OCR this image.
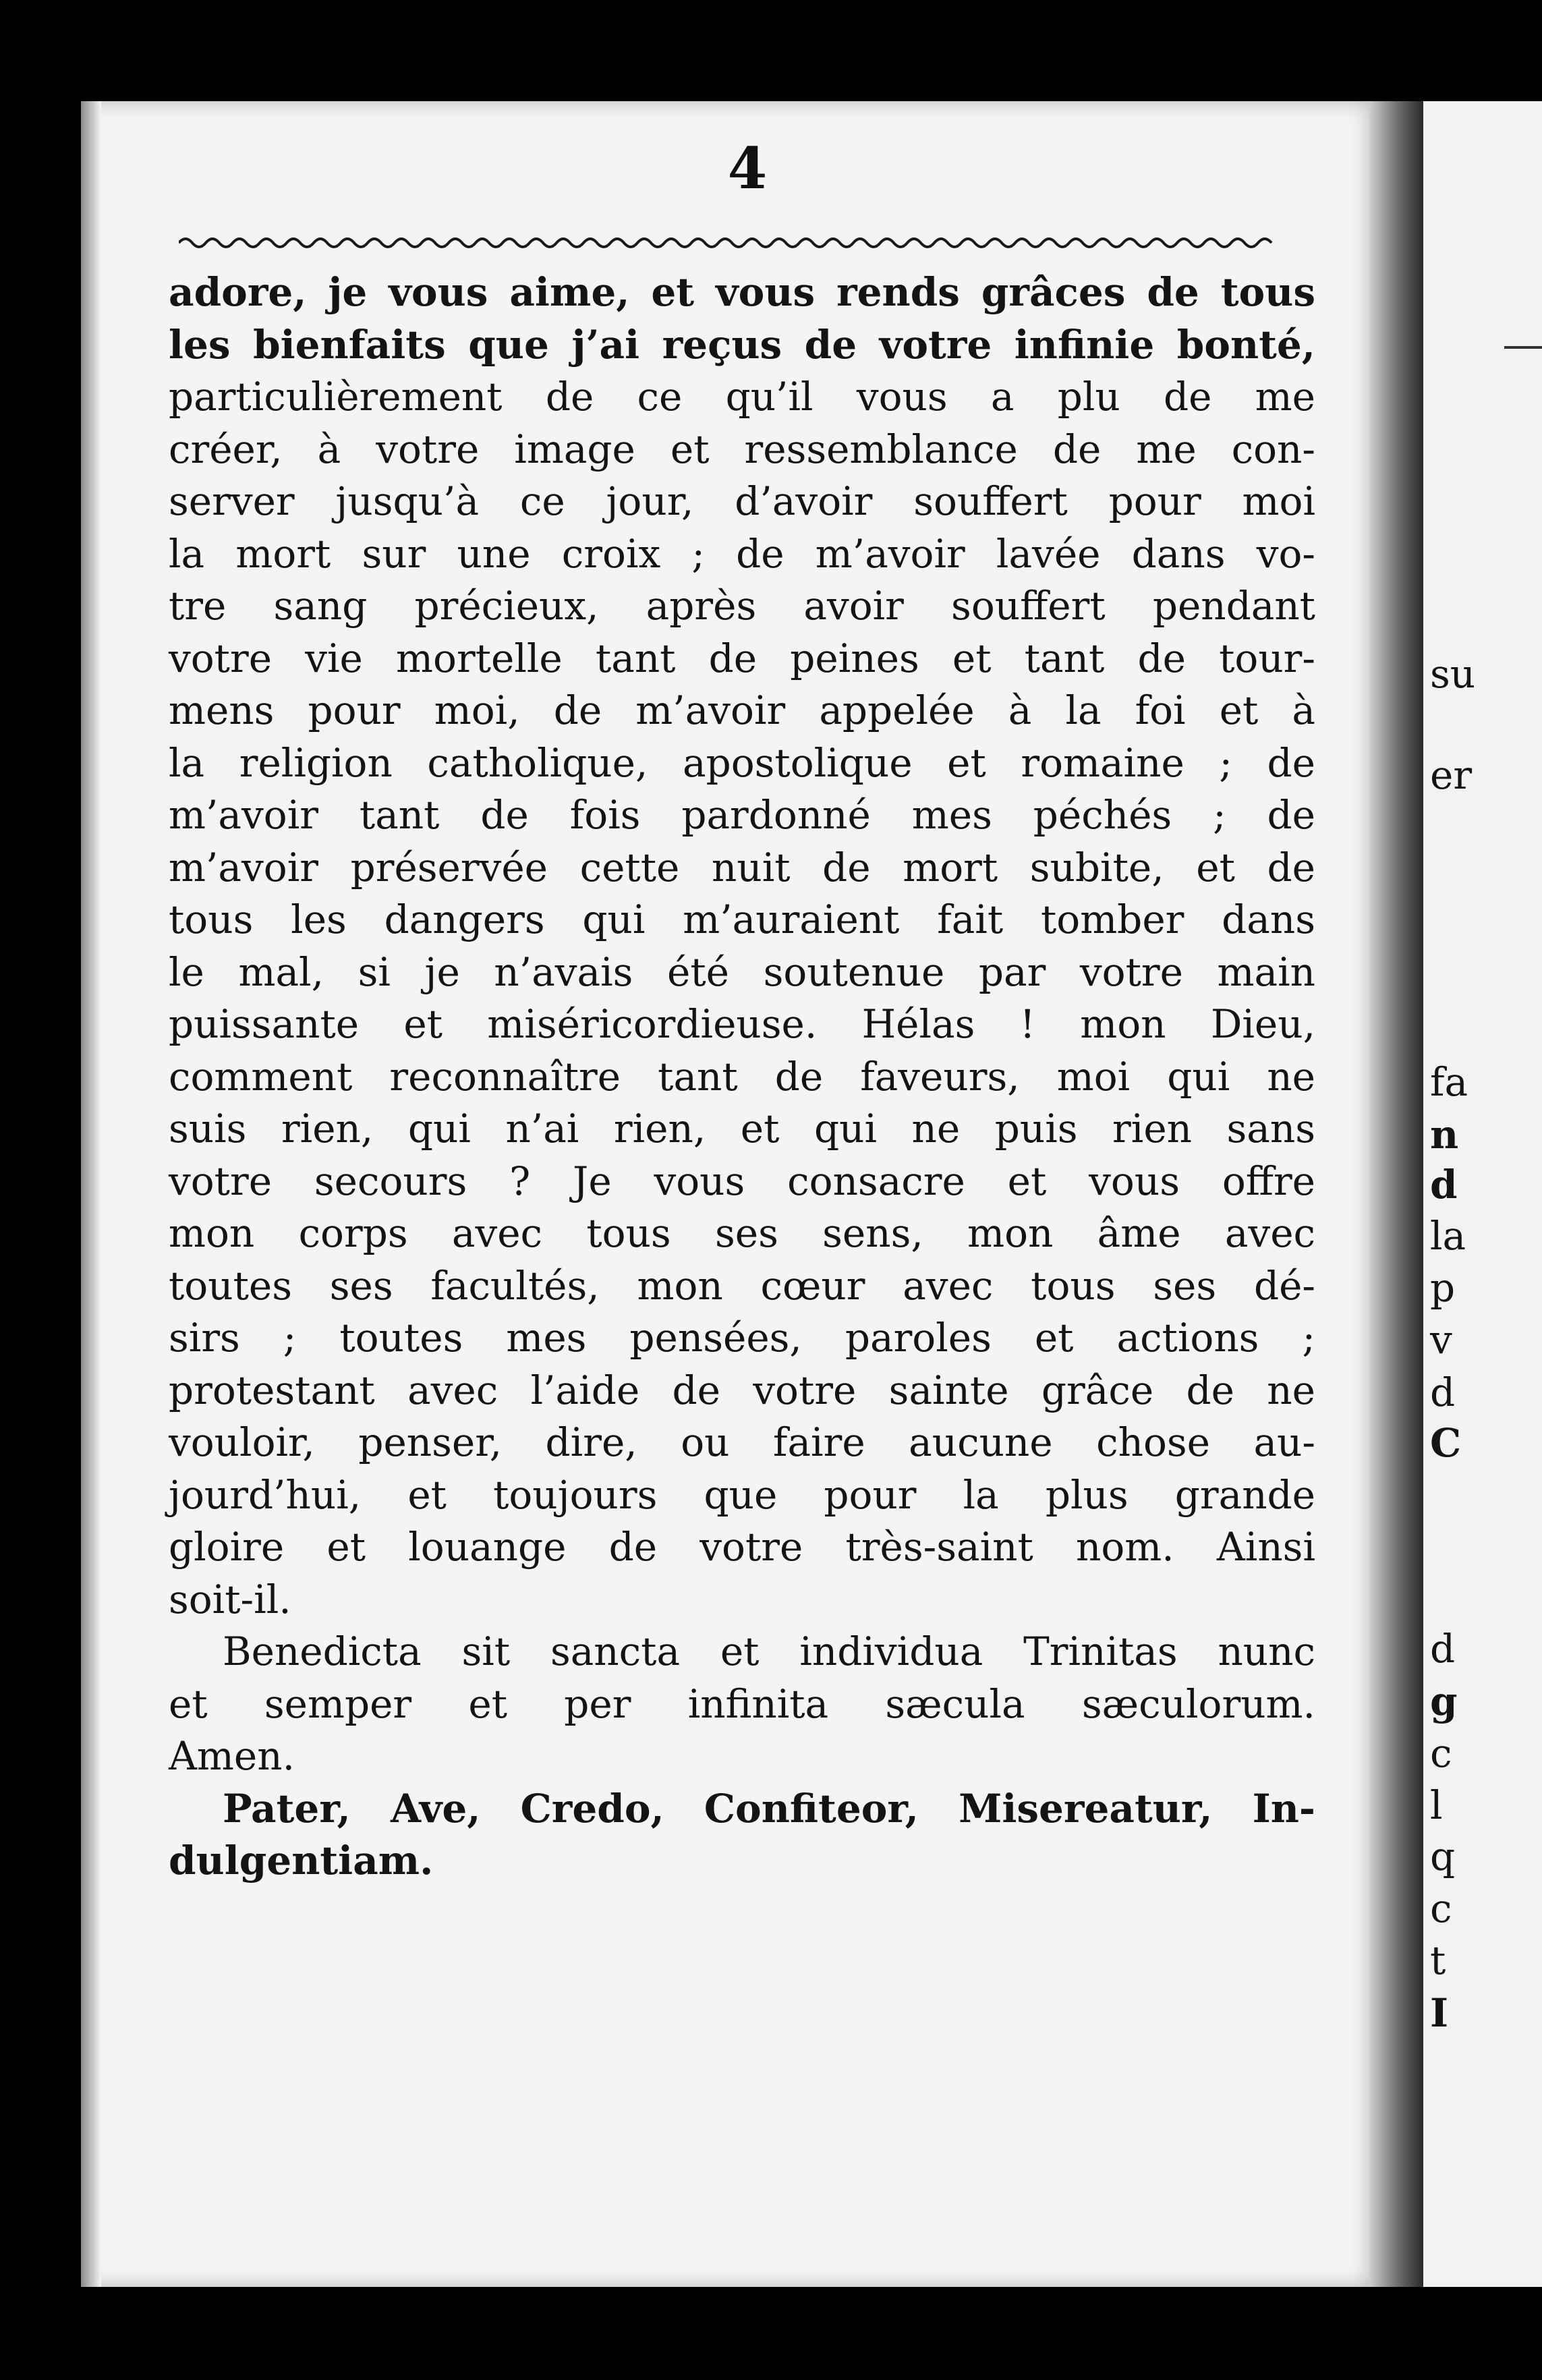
4
adore, je vous aime, et vous rends grâces de tous
les bienfaits que j’ai reçus de votre infinie bonté,
particulièrement de ce qu’il vous a plu de me
créer, à votre image et ressemblance de me con-
server jusqu’à ce jour, d’avoir souffert pour moi
la mort sur une croix ; de m’avoir lavée dans vo-
tre sang précieux, après avoir souffert pendant
votre vie mortelle tant de peines et tant de tour-
mens pour moi, de m’avoir appelée à la foi et à
la religion catholique, apostolique et romaine ; de
m’avoir tant de fois pardonné mes péchés ; de
m’avoir préservée cette nuit de mort subite, et de
tous les dangers qui m’auraient fait tomber dans
le mal, si je n’avais été soutenue par votre main
puissante et miséricordieuse. Hélas ! mon Dieu,
comment reconnaître tant de faveurs, moi qui ne
suis rien, qui n’ai rien, et qui ne puis rien sans
votre secours ? Je vous consacre et vous offre
mon corps avec tous ses sens, mon âme avec
toutes ses facultés, mon cœur avec tous ses dé-
sirs ; toutes mes pensées, paroles et actions ;
protestant avec l’aide de votre sainte grâce de ne
vouloir, penser, dire, ou faire aucune chose au-
jourd’hui, et toujours que pour la plus grande
gloire et louange de votre très-saint nom. Ainsi
soit-il.
Benedicta sit sancta et individua Trinitas nunc
et semper et per infinita sæcula sæculorum.
Amen.
Pater, Ave, Credo, Confiteor, Misereatur, In-
dulgentiam.
su
er
fa
n
d
la
p
v
d
C
d
g
c
l
q
c
t
I
